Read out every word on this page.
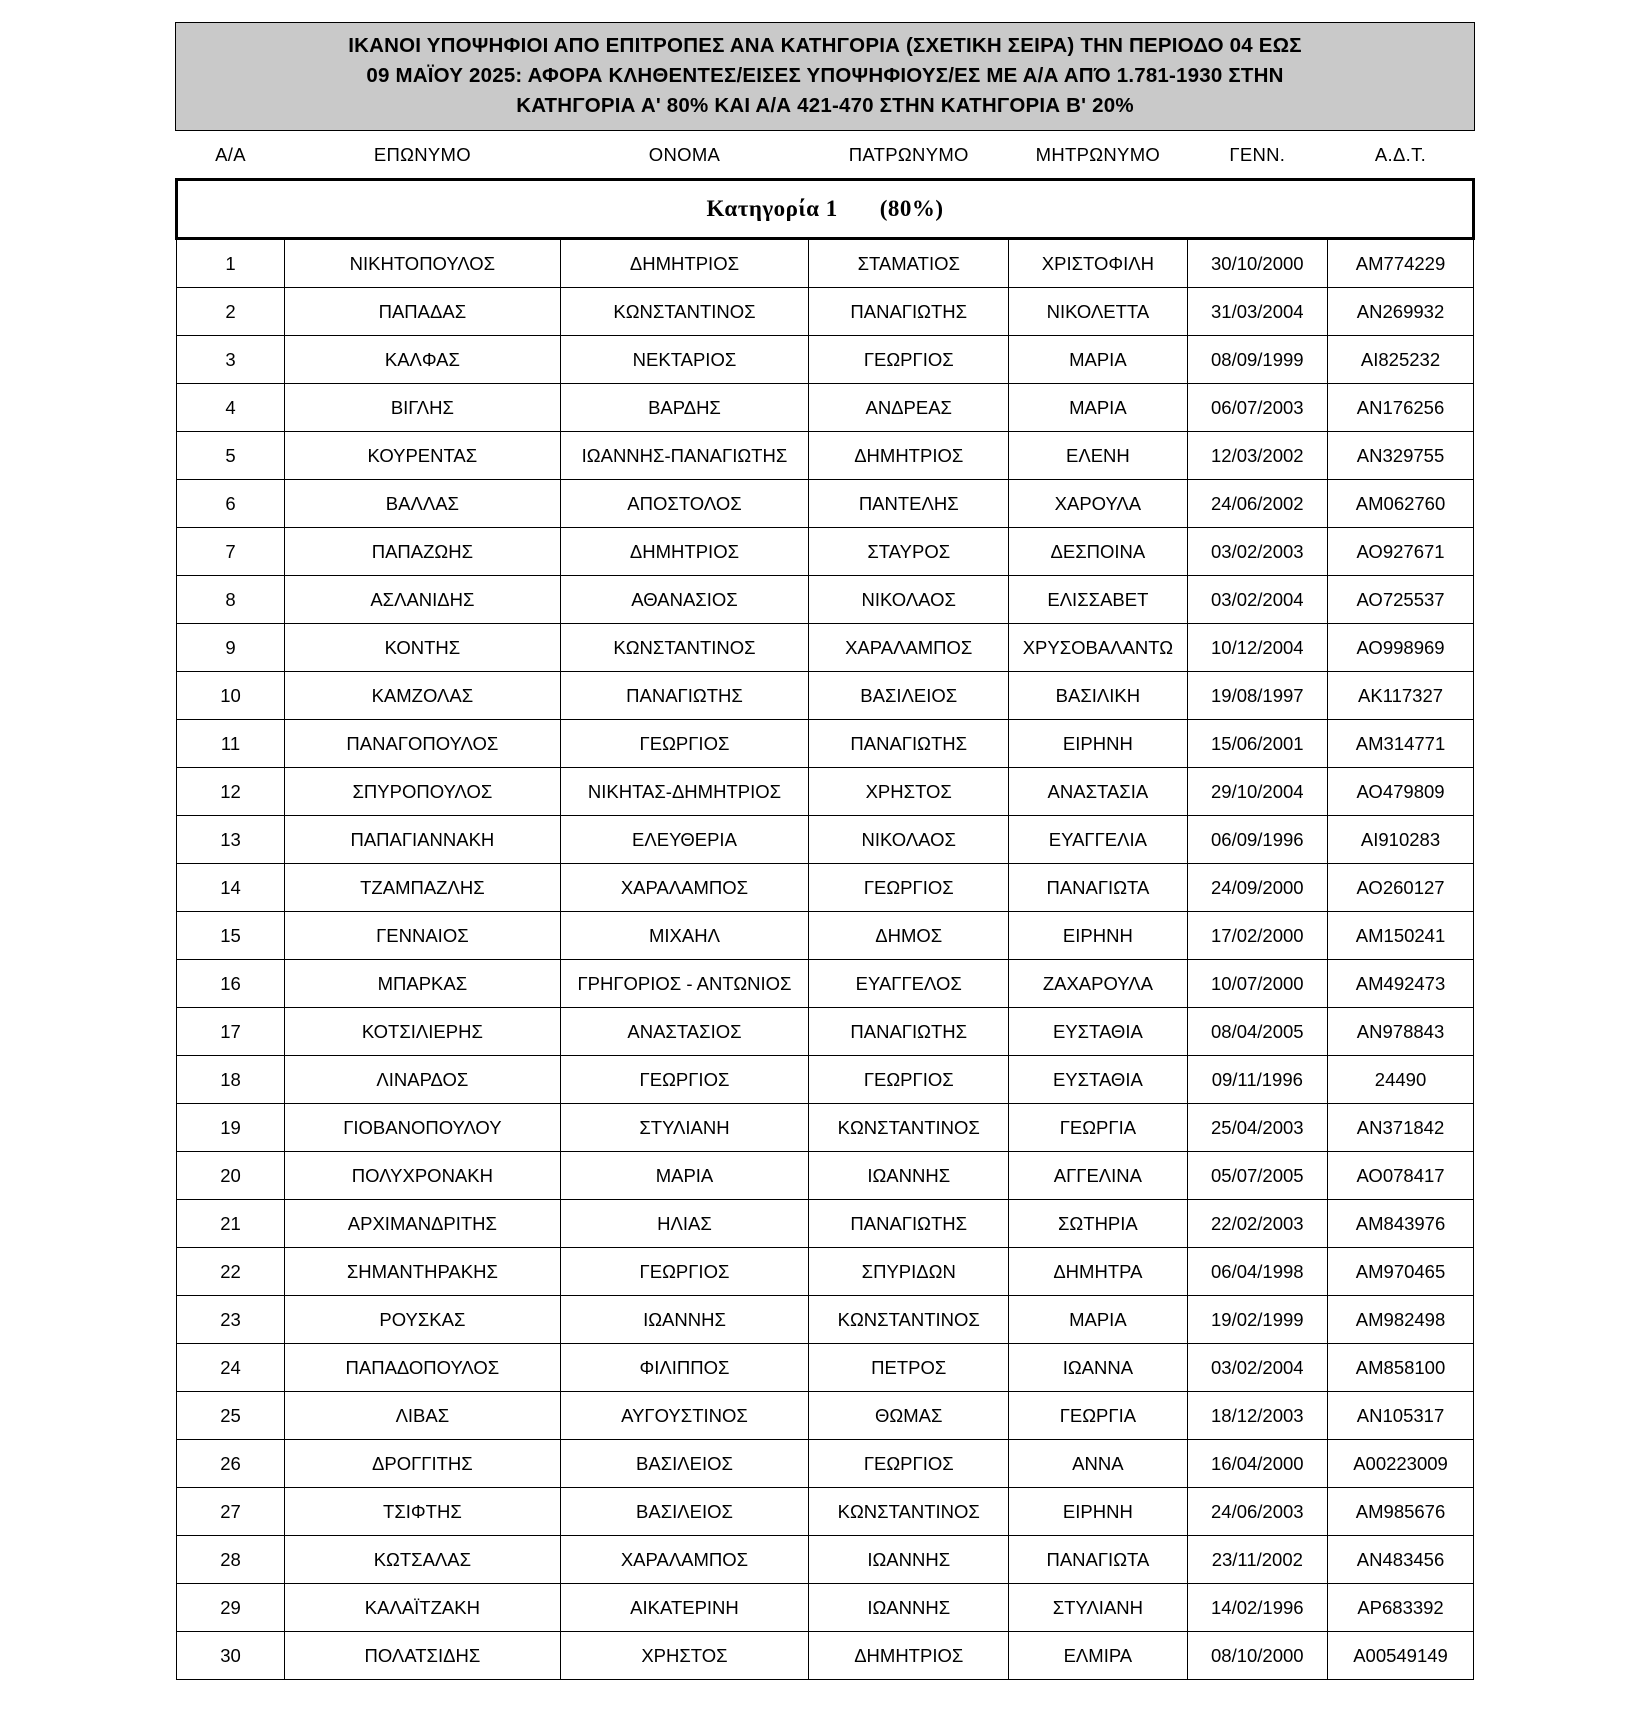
ΙΚΑΝΟΙ ΥΠΟΨΗΦΙΟΙ ΑΠΟ ΕΠΙΤΡΟΠΕΣ ΑΝΑ ΚΑΤΗΓΟΡΙΑ (ΣΧΕΤΙΚΗ ΣΕΙΡΑ) ΤΗΝ ΠΕΡΙΟΔΟ 04 ΕΩΣ
09 ΜΑΪΟΥ 2025: ΑΦΟΡΑ ΚΛΗΘΕΝΤΕΣ/ΕΙΣΕΣ ΥΠΟΨΗΦΙΟΥΣ/ΕΣ ΜΕ Α/Α ΑΠΌ 1.781-1930 ΣΤΗΝ
ΚΑΤΗΓΟΡΙΑ Α' 80% ΚΑΙ Α/Α 421-470 ΣΤΗΝ ΚΑΤΗΓΟΡΙΑ Β' 20%
Α/Α	ΕΠΩΝΥΜΟ	ΟΝΟΜΑ	ΠΑΤΡΩΝΥΜΟ	ΜΗΤΡΩΝΥΜΟ	ΓΕΝΝ.	Α.Δ.Τ.
Κατηγορία 1 (80%)						
1	ΝΙΚΗΤΟΠΟΥΛΟΣ	ΔΗΜΗΤΡΙΟΣ	ΣΤΑΜΑΤΙΟΣ	ΧΡΙΣΤΟΦΙΛΗ	30/10/2000	ΑΜ774229
2	ΠΑΠΑΔΑΣ	ΚΩΝΣΤΑΝΤΙΝΟΣ	ΠΑΝΑΓΙΩΤΗΣ	ΝΙΚΟΛΕΤΤΑ	31/03/2004	ΑΝ269932
3	ΚΑΛΦΑΣ	ΝΕΚΤΑΡΙΟΣ	ΓΕΩΡΓΙΟΣ	ΜΑΡΙΑ	08/09/1999	ΑΙ825232
4	ΒΙΓΛΗΣ	ΒΑΡΔΗΣ	ΑΝΔΡΕΑΣ	ΜΑΡΙΑ	06/07/2003	ΑΝ176256
5	ΚΟΥΡΕΝΤΑΣ	ΙΩΑΝΝΗΣ-ΠΑΝΑΓΙΩΤΗΣ	ΔΗΜΗΤΡΙΟΣ	ΕΛΕΝΗ	12/03/2002	ΑΝ329755
6	ΒΑΛΛΑΣ	ΑΠΟΣΤΟΛΟΣ	ΠΑΝΤΕΛΗΣ	ΧΑΡΟΥΛΑ	24/06/2002	ΑΜ062760
7	ΠΑΠΑΖΩΗΣ	ΔΗΜΗΤΡΙΟΣ	ΣΤΑΥΡΟΣ	ΔΕΣΠΟΙΝΑ	03/02/2003	ΑΟ927671
8	ΑΣΛΑΝΙΔΗΣ	ΑΘΑΝΑΣΙΟΣ	ΝΙΚΟΛΑΟΣ	ΕΛΙΣΣΑΒΕΤ	03/02/2004	ΑΟ725537
9	ΚΟΝΤΗΣ	ΚΩΝΣΤΑΝΤΙΝΟΣ	ΧΑΡΑΛΑΜΠΟΣ	ΧΡΥΣΟΒΑΛΑΝΤΩ	10/12/2004	ΑΟ998969
10	ΚΑΜΖΟΛΑΣ	ΠΑΝΑΓΙΩΤΗΣ	ΒΑΣΙΛΕΙΟΣ	ΒΑΣΙΛΙΚΗ	19/08/1997	ΑΚ117327
11	ΠΑΝΑΓΟΠΟΥΛΟΣ	ΓΕΩΡΓΙΟΣ	ΠΑΝΑΓΙΩΤΗΣ	ΕΙΡΗΝΗ	15/06/2001	ΑΜ314771
12	ΣΠΥΡΟΠΟΥΛΟΣ	ΝΙΚΗΤΑΣ-ΔΗΜΗΤΡΙΟΣ	ΧΡΗΣΤΟΣ	ΑΝΑΣΤΑΣΙΑ	29/10/2004	ΑΟ479809
13	ΠΑΠΑΓΙΑΝΝΑΚΗ	ΕΛΕΥΘΕΡΙΑ	ΝΙΚΟΛΑΟΣ	ΕΥΑΓΓΕΛΙΑ	06/09/1996	ΑΙ910283
14	ΤΖΑΜΠΑΖΛΗΣ	ΧΑΡΑΛΑΜΠΟΣ	ΓΕΩΡΓΙΟΣ	ΠΑΝΑΓΙΩΤΑ	24/09/2000	ΑΟ260127
15	ΓΕΝΝΑΙΟΣ	ΜΙΧΑΗΛ	ΔΗΜΟΣ	ΕΙΡΗΝΗ	17/02/2000	ΑΜ150241
16	ΜΠΑΡΚΑΣ	ΓΡΗΓΟΡΙΟΣ - ΑΝΤΩΝΙΟΣ	ΕΥΑΓΓΕΛΟΣ	ΖΑΧΑΡΟΥΛΑ	10/07/2000	ΑΜ492473
17	ΚΟΤΣΙΛΙΕΡΗΣ	ΑΝΑΣΤΑΣΙΟΣ	ΠΑΝΑΓΙΩΤΗΣ	ΕΥΣΤΑΘΙΑ	08/04/2005	ΑΝ978843
18	ΛΙΝΑΡΔΟΣ	ΓΕΩΡΓΙΟΣ	ΓΕΩΡΓΙΟΣ	ΕΥΣΤΑΘΙΑ	09/11/1996	24490
19	ΓΙΟΒΑΝΟΠΟΥΛΟΥ	ΣΤΥΛΙΑΝΗ	ΚΩΝΣΤΑΝΤΙΝΟΣ	ΓΕΩΡΓΙΑ	25/04/2003	ΑΝ371842
20	ΠΟΛΥΧΡΟΝΑΚΗ	ΜΑΡΙΑ	ΙΩΑΝΝΗΣ	ΑΓΓΕΛΙΝΑ	05/07/2005	ΑΟ078417
21	ΑΡΧΙΜΑΝΔΡΙΤΗΣ	ΗΛΙΑΣ	ΠΑΝΑΓΙΩΤΗΣ	ΣΩΤΗΡΙΑ	22/02/2003	ΑΜ843976
22	ΣΗΜΑΝΤΗΡΑΚΗΣ	ΓΕΩΡΓΙΟΣ	ΣΠΥΡΙΔΩΝ	ΔΗΜΗΤΡΑ	06/04/1998	ΑΜ970465
23	ΡΟΥΣΚΑΣ	ΙΩΑΝΝΗΣ	ΚΩΝΣΤΑΝΤΙΝΟΣ	ΜΑΡΙΑ	19/02/1999	ΑΜ982498
24	ΠΑΠΑΔΟΠΟΥΛΟΣ	ΦΙΛΙΠΠΟΣ	ΠΕΤΡΟΣ	ΙΩΑΝΝΑ	03/02/2004	ΑΜ858100
25	ΛΙΒΑΣ	ΑΥΓΟΥΣΤΙΝΟΣ	ΘΩΜΑΣ	ΓΕΩΡΓΙΑ	18/12/2003	ΑΝ105317
26	ΔΡΟΓΓΙΤΗΣ	ΒΑΣΙΛΕΙΟΣ	ΓΕΩΡΓΙΟΣ	ΑΝΝΑ	16/04/2000	Α00223009
27	ΤΣΙΦΤΗΣ	ΒΑΣΙΛΕΙΟΣ	ΚΩΝΣΤΑΝΤΙΝΟΣ	ΕΙΡΗΝΗ	24/06/2003	ΑΜ985676
28	ΚΩΤΣΑΛΑΣ	ΧΑΡΑΛΑΜΠΟΣ	ΙΩΑΝΝΗΣ	ΠΑΝΑΓΙΩΤΑ	23/11/2002	ΑΝ483456
29	ΚΑΛΑΪΤΖΑΚΗ	ΑΙΚΑΤΕΡΙΝΗ	ΙΩΑΝΝΗΣ	ΣΤΥΛΙΑΝΗ	14/02/1996	ΑΡ683392
30	ΠΟΛΑΤΣΙΔΗΣ	ΧΡΗΣΤΟΣ	ΔΗΜΗΤΡΙΟΣ	ΕΛΜΙΡΑ	08/10/2000	Α00549149
